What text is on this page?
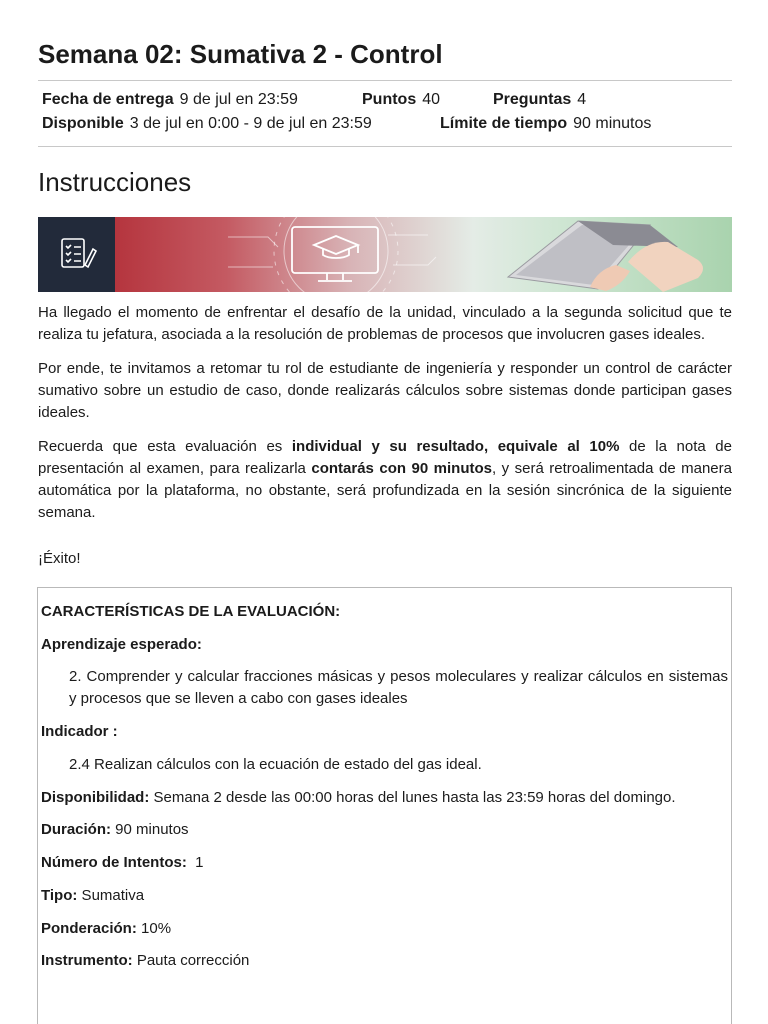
Semana 02: Sumativa 2 - Control
Fecha de entrega 9 de jul en 23:59	Puntos 40	Preguntas 4
Disponible 3 de jul en 0:00 - 9 de jul en 23:59	Límite de tiempo 90 minutos
Instrucciones

Ha llegado el momento de enfrentar el desafío de la unidad, vinculado a la segunda solicitud que te realiza tu jefatura, asociada a la resolución de problemas de procesos que involucren gases ideales.

Por ende, te invitamos a retomar tu rol de estudiante de ingeniería y responder un control de carácter sumativo sobre un estudio de caso, donde realizarás cálculos sobre sistemas donde participan gases ideales.

Recuerda que esta evaluación es individual y su resultado, equivale al 10% de la nota de presentación al examen, para realizarla contarás con 90 minutos, y será retroalimentada de manera automática por la plataforma, no obstante, será profundizada en la sesión sincrónica de la siguiente semana.

¡Éxito!

CARACTERÍSTICAS DE LA EVALUACIÓN:
Aprendizaje esperado:
2. Comprender y calcular fracciones másicas y pesos moleculares y realizar cálculos en sistemas y procesos que se lleven a cabo con gases ideales
Indicador :
2.4 Realizan cálculos con la ecuación de estado del gas ideal.
Disponibilidad: Semana 2 desde las 00:00 horas del lunes hasta las 23:59 horas del domingo.
Duración: 90 minutos
Número de Intentos:  1
Tipo: Sumativa
Ponderación: 10%
Instrumento: Pauta corrección
